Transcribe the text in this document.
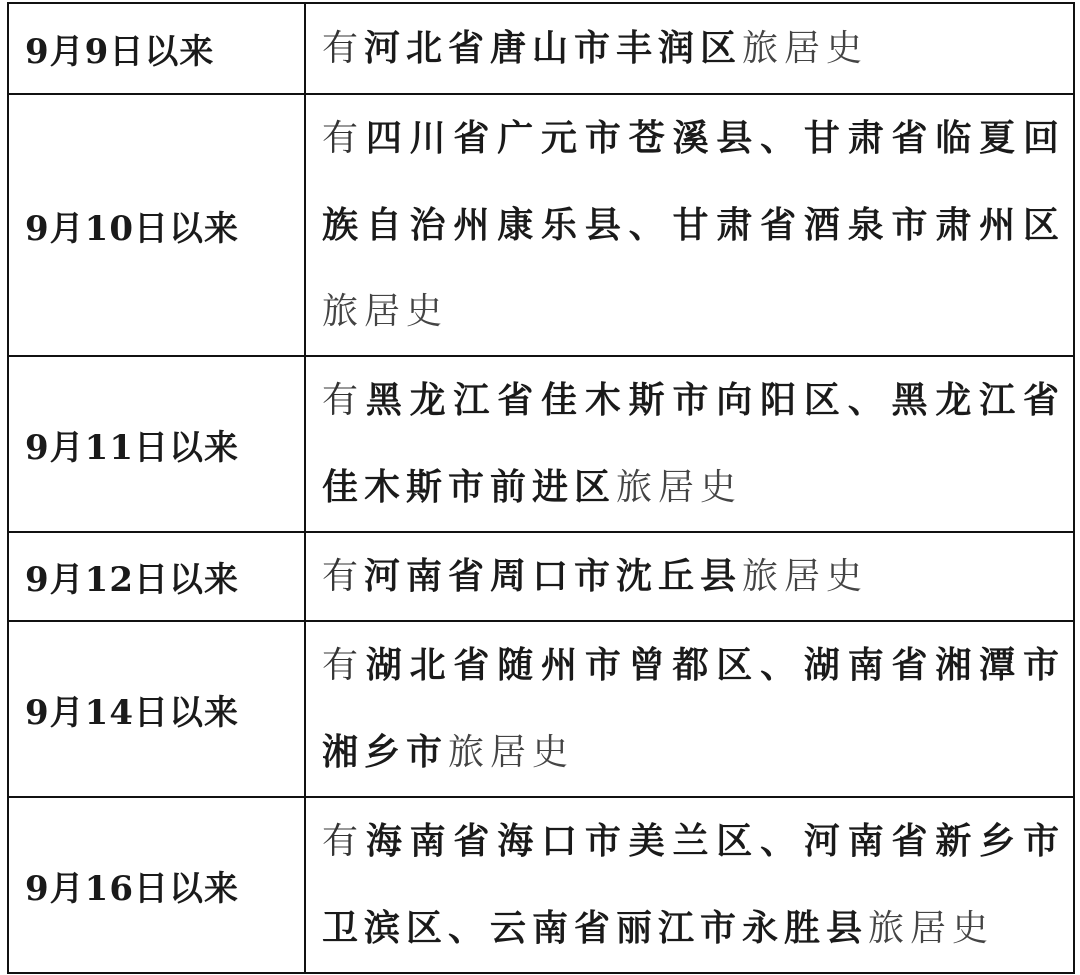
9月9日以来	有河北省唐山市丰润区旅居史
9月10日以来	有四川省广元市苍溪县、甘肃省临夏回族自治州康乐县、甘肃省酒泉市肃州区旅居史
9月11日以来	有黑龙江省佳木斯市向阳区、黑龙江省佳木斯市前进区旅居史
9月12日以来	有河南省周口市沈丘县旅居史
9月14日以来	有湖北省随州市曾都区、湖南省湘潭市湘乡市旅居史
9月16日以来	有海南省海口市美兰区、河南省新乡市卫滨区、云南省丽江市永胜县旅居史
